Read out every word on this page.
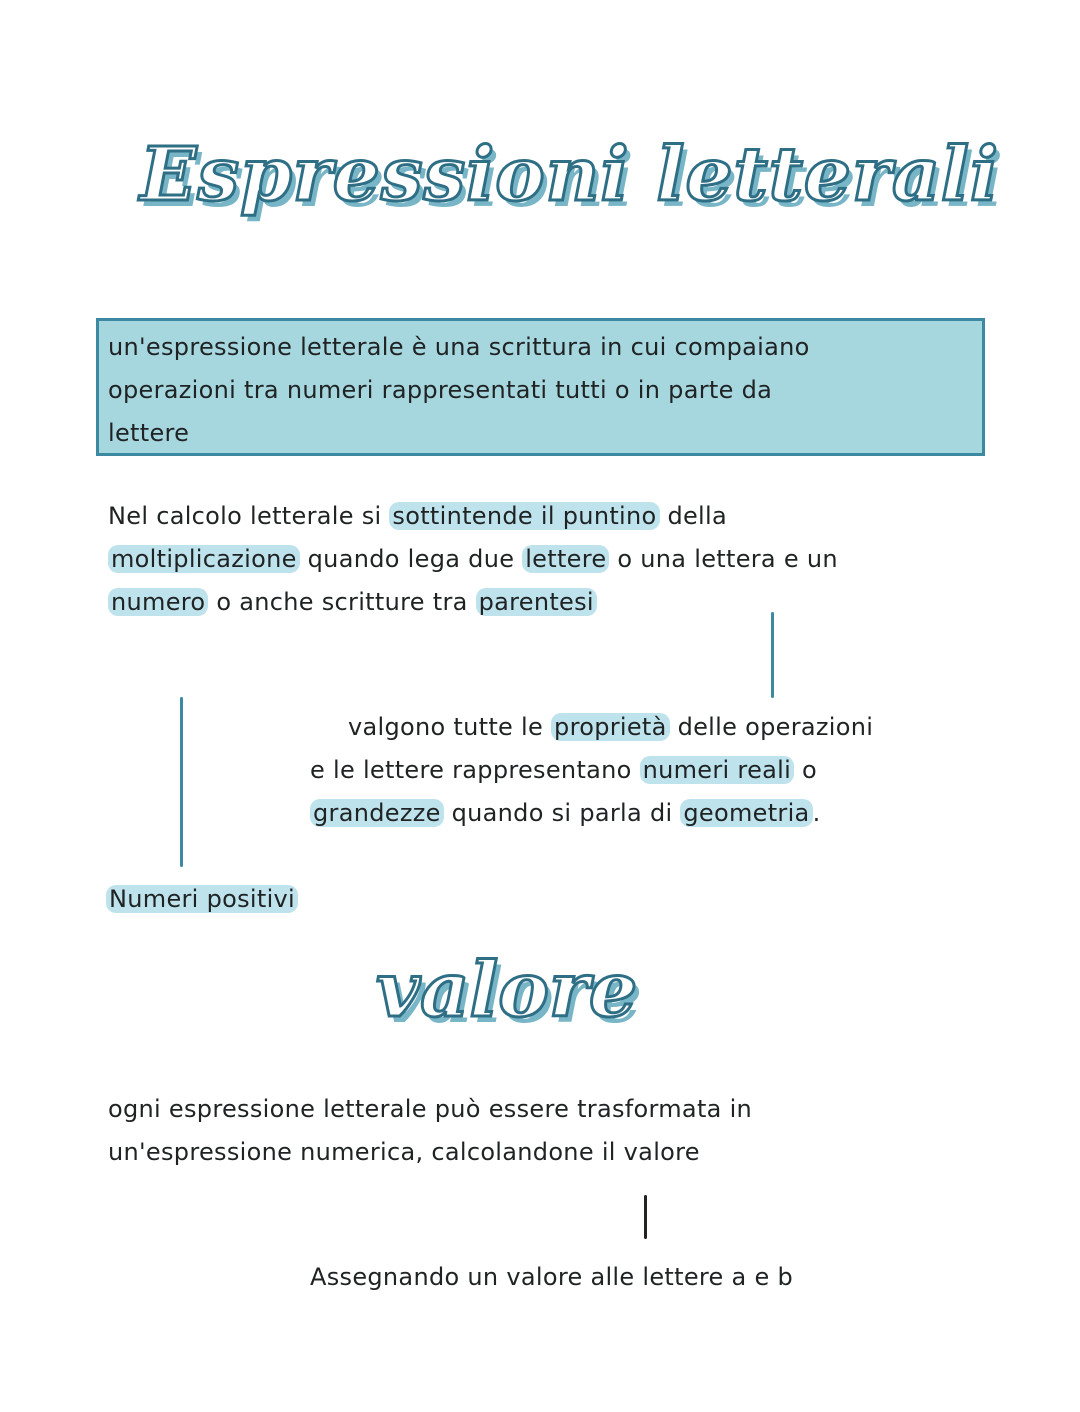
Espressioni letterali
un'espressione letterale è una scrittura in cui compaiano
operazioni tra numeri rappresentati tutti o in parte da
lettere
Nel calcolo letterale si sottintende il puntino della
moltiplicazione quando lega due lettere o una lettera e un
numero o anche scritture tra parentesi
valgono tutte le proprietà delle operazioni
e le lettere rappresentano numeri reali o
grandezze quando si parla di geometria .
Numeri positivi
valore
ogni espressione letterale può essere trasformata in
un'espressione numerica, calcolandone il valore
Assegnando un valore alle lettere a e b
